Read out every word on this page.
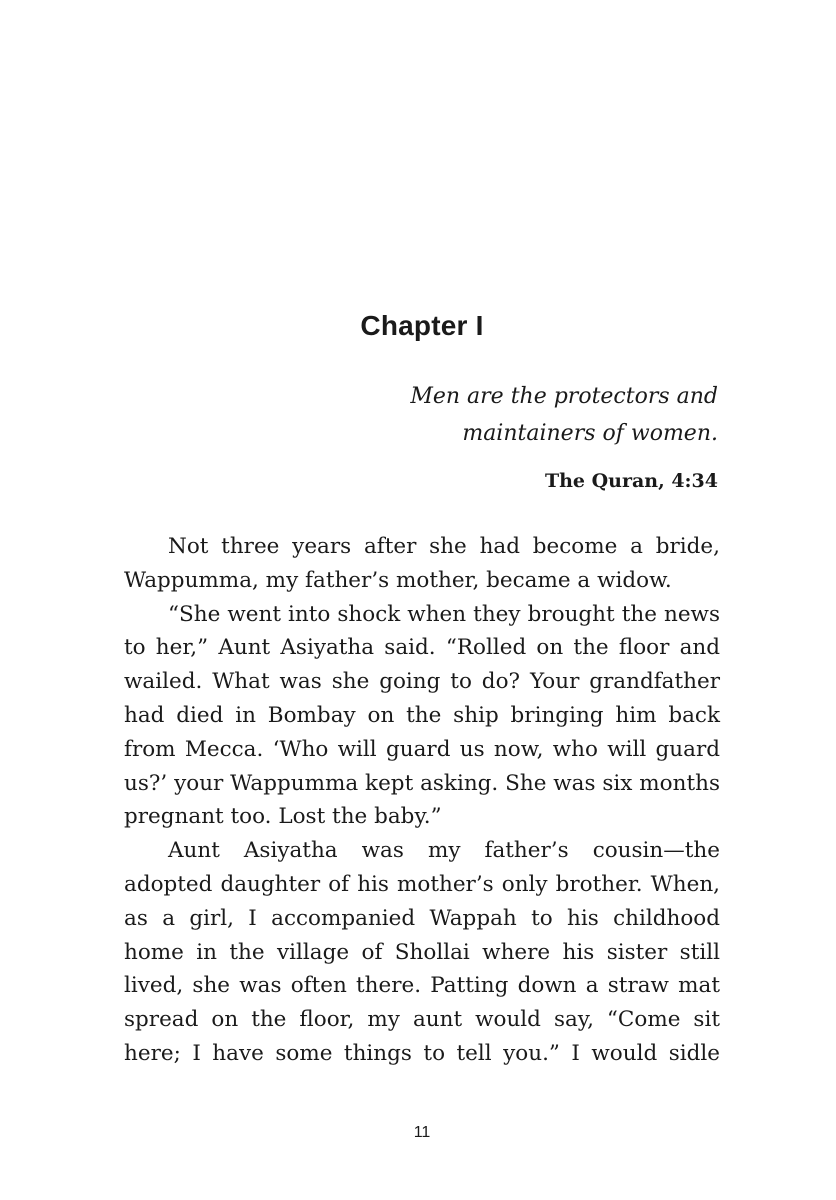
Chapter I
Men are the protectors and
maintainers of women.
The Quran, 4:34
Not three years after she had become a bride,
Wappumma, my father’s mother, became a widow.
“She went into shock when they brought the news
to her,” Aunt Asiyatha said. “Rolled on the floor and
wailed. What was she going to do? Your grandfather
had died in Bombay on the ship bringing him back
from Mecca. ‘Who will guard us now, who will guard
us?’ your Wappumma kept asking. She was six months
pregnant too. Lost the baby.”
Aunt Asiyatha was my father’s cousin—the
adopted daughter of his mother’s only brother. When,
as a girl, I accompanied Wappah to his childhood
home in the village of Shollai where his sister still
lived, she was often there. Patting down a straw mat
spread on the floor, my aunt would say, “Come sit
here; I have some things to tell you.” I would sidle
11
